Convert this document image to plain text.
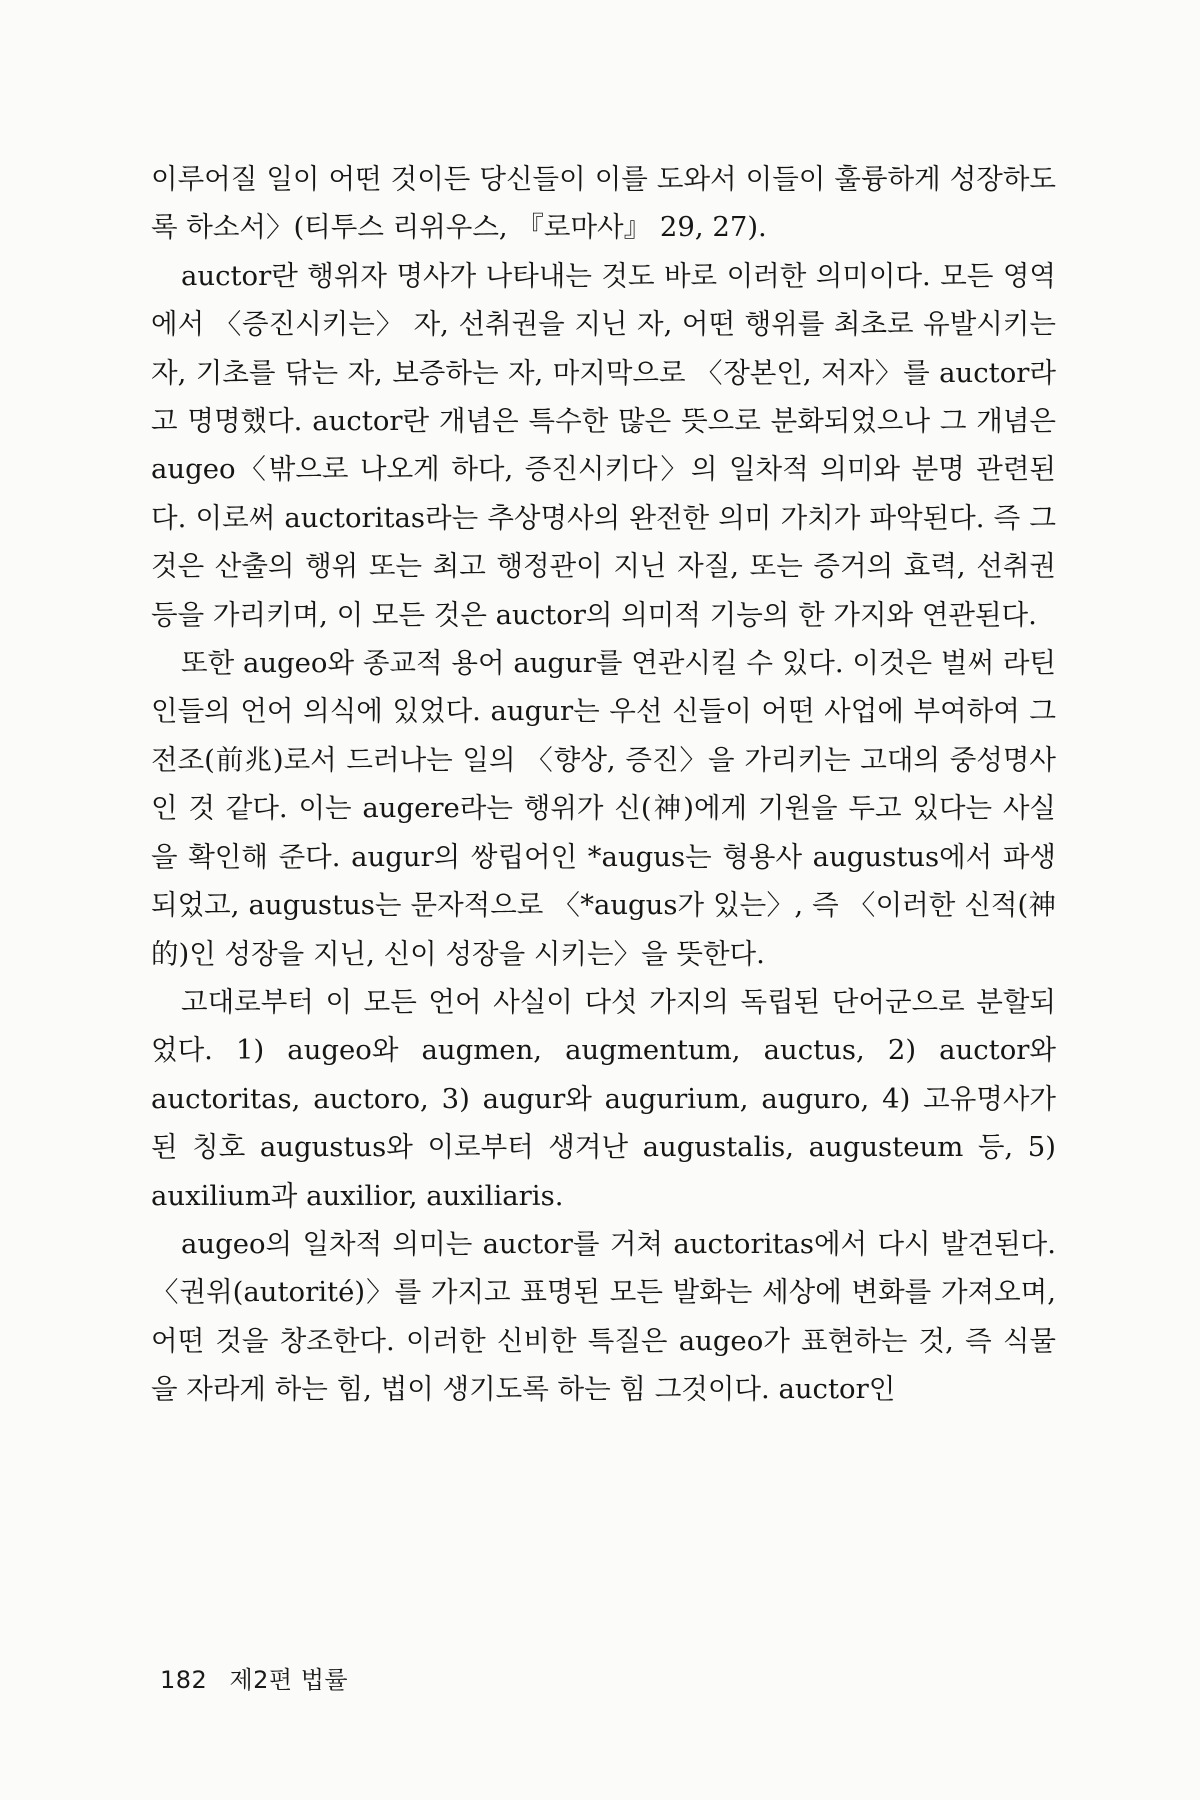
이루어질 일이 어떤 것이든 당신들이 이를 도와서 이들이 훌륭하게 성장하도록 하소서〉(티투스 리위우스, 『로마사』 29, 27).

auctor란 행위자 명사가 나타내는 것도 바로 이러한 의미이다. 모든 영역에서 〈증진시키는〉 자, 선취권을 지닌 자, 어떤 행위를 최초로 유발시키는 자, 기초를 닦는 자, 보증하는 자, 마지막으로 〈장본인, 저자〉를 auctor라고 명명했다. auctor란 개념은 특수한 많은 뜻으로 분화되었으나 그 개념은 augeo〈밖으로 나오게 하다, 증진시키다〉의 일차적 의미와 분명 관련된다. 이로써 auctoritas라는 추상명사의 완전한 의미 가치가 파악된다. 즉 그것은 산출의 행위 또는 최고 행정관이 지닌 자질, 또는 증거의 효력, 선취권 등을 가리키며, 이 모든 것은 auctor의 의미적 기능의 한 가지와 연관된다.

또한 augeo와 종교적 용어 augur를 연관시킬 수 있다. 이것은 벌써 라틴인들의 언어 의식에 있었다. augur는 우선 신들이 어떤 사업에 부여하여 그 전조(前兆)로서 드러나는 일의 〈향상, 증진〉을 가리키는 고대의 중성명사인 것 같다. 이는 augere라는 행위가 신(神)에게 기원을 두고 있다는 사실을 확인해 준다. augur의 쌍립어인 *augus는 형용사 augustus에서 파생되었고, augustus는 문자적으로 〈*augus가 있는〉, 즉 〈이러한 신적(神的)인 성장을 지닌, 신이 성장을 시키는〉을 뜻한다.

고대로부터 이 모든 언어 사실이 다섯 가지의 독립된 단어군으로 분할되었다. 1) augeo와 augmen, augmentum, auctus, 2) auctor와 auctoritas, auctoro, 3) augur와 augurium, auguro, 4) 고유명사가 된 칭호 augustus와 이로부터 생겨난 augustalis, augusteum 등, 5) auxilium과 auxilior, auxiliaris.

augeo의 일차적 의미는 auctor를 거쳐 auctoritas에서 다시 발견된다. 〈권위(autorité)〉를 가지고 표명된 모든 발화는 세상에 변화를 가져오며, 어떤 것을 창조한다. 이러한 신비한 특질은 augeo가 표현하는 것, 즉 식물을 자라게 하는 힘, 법이 생기도록 하는 힘 그것이다. auctor인

182 제2편 법률
